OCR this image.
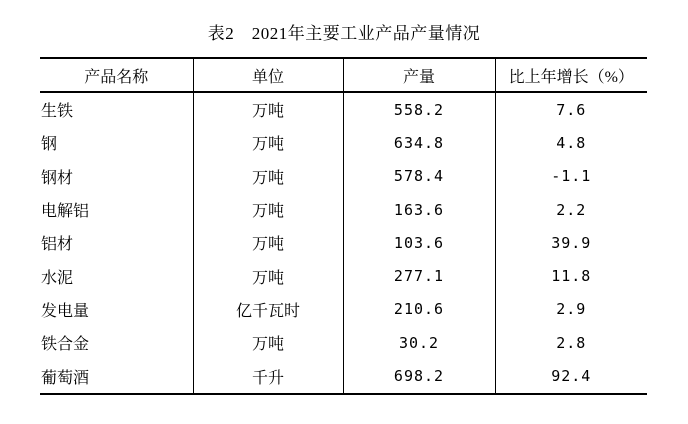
表2　2021年主要工业产品产量情况
产品名称	单位	产量	比上年增长（%）
生铁	万吨	558.2	7.6
钢	万吨	634.8	4.8
钢材	万吨	578.4	-1.1
电解铝	万吨	163.6	2.2
铝材	万吨	103.6	39.9
水泥	万吨	277.1	11.8
发电量	亿千瓦时	210.6	2.9
铁合金	万吨	30.2	2.8
葡萄酒	千升	698.2	92.4
